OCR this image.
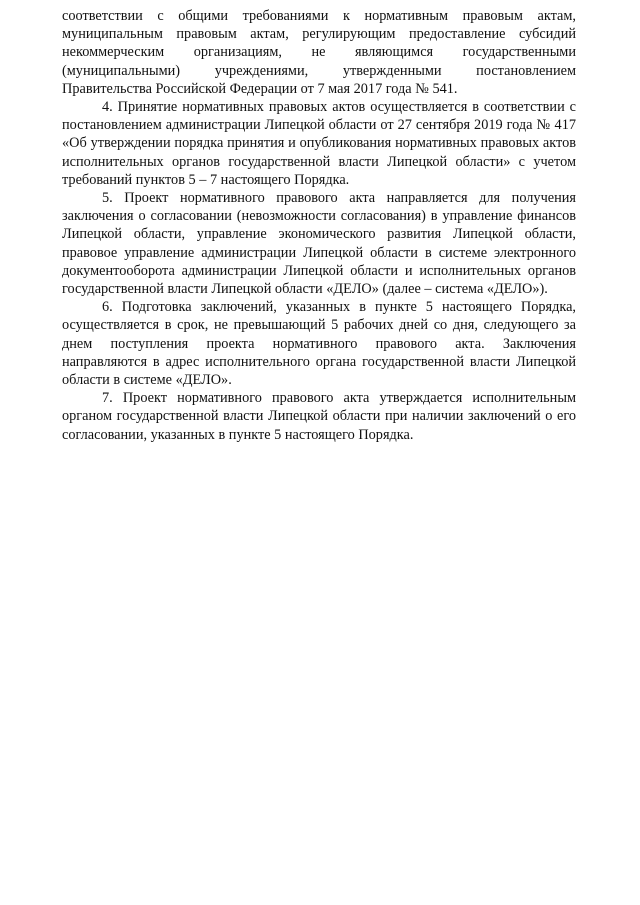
соответствии с общими требованиями к нормативным правовым актам, муниципальным правовым актам, регулирующим предоставление субсидий некоммерческим организациям, не являющимся государственными (муниципальными) учреждениями, утвержденными постановлением Правительства Российской Федерации от 7 мая 2017 года № 541.

4. Принятие нормативных правовых актов осуществляется в соответствии с постановлением администрации Липецкой области от 27 сентября 2019 года № 417 «Об утверждении порядка принятия и опубликования нормативных правовых актов исполнительных органов государственной власти Липецкой области» с учетом требований пунктов 5 – 7 настоящего Порядка.

5. Проект нормативного правового акта направляется для получения заключения о согласовании (невозможности согласования) в управление финансов Липецкой области, управление экономического развития Липецкой области, правовое управление администрации Липецкой области в системе электронного документооборота администрации Липецкой области и исполнительных органов государственной власти Липецкой области «ДЕЛО» (далее – система «ДЕЛО»).

6. Подготовка заключений, указанных в пункте 5 настоящего Порядка, осуществляется в срок, не превышающий 5 рабочих дней со дня, следующего за днем поступления проекта нормативного правового акта. Заключения направляются в адрес исполнительного органа государственной власти Липецкой области в системе «ДЕЛО».

7. Проект нормативного правового акта утверждается исполнительным органом государственной власти Липецкой области при наличии заключений о его согласовании, указанных в пункте 5 настоящего Порядка.
